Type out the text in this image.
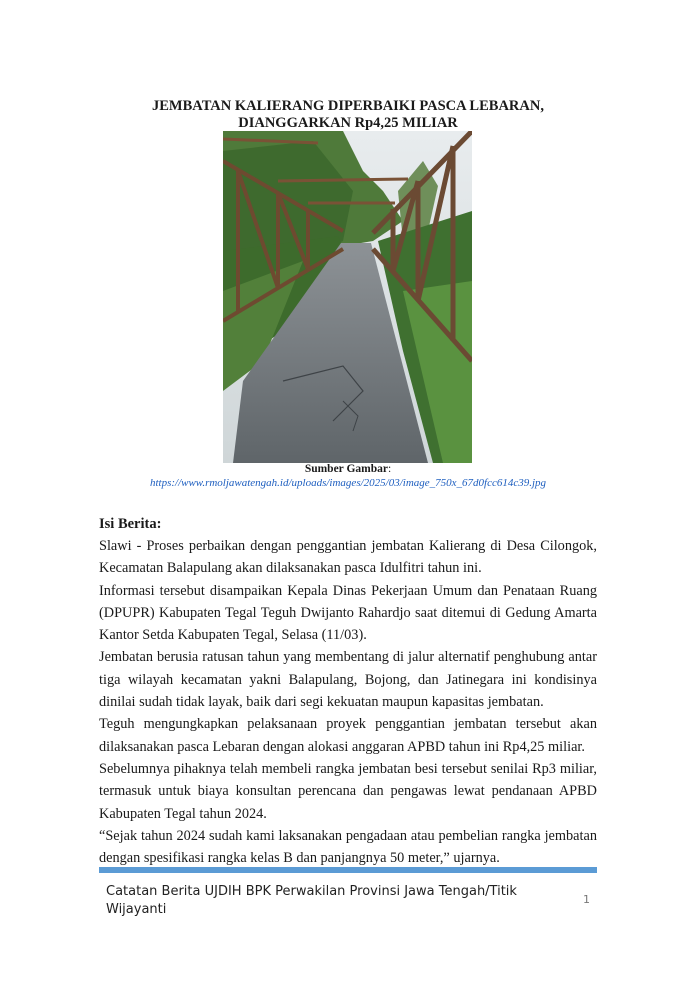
JEMBATAN KALIERANG DIPERBAIKI PASCA LEBARAN, DIANGGARKAN Rp4,25 MILIAR
Sumber Gambar:
https://www.rmoljawatengah.id/uploads/images/2025/03/image_750x_67d0fcc614c39.jpg
Isi Berita:

Slawi - Proses perbaikan dengan penggantian jembatan Kalierang di Desa Cilongok, Kecamatan Balapulang akan dilaksanakan pasca Idulfitri tahun ini.

Informasi tersebut disampaikan Kepala Dinas Pekerjaan Umum dan Penataan Ruang (DPUPR) Kabupaten Tegal Teguh Dwijanto Rahardjo saat ditemui di Gedung Amarta Kantor Setda Kabupaten Tegal, Selasa (11/03).

Jembatan berusia ratusan tahun yang membentang di jalur alternatif penghubung antar tiga wilayah kecamatan yakni Balapulang, Bojong, dan Jatinegara ini kondisinya dinilai sudah tidak layak, baik dari segi kekuatan maupun kapasitas jembatan.

Teguh mengungkapkan pelaksanaan proyek penggantian jembatan tersebut akan dilaksanakan pasca Lebaran dengan alokasi anggaran APBD tahun ini Rp4,25 miliar.

Sebelumnya pihaknya telah membeli rangka jembatan besi tersebut senilai Rp3 miliar, termasuk untuk biaya konsultan perencana dan pengawas lewat pendanaan APBD Kabupaten Tegal tahun 2024.

“Sejak tahun 2024 sudah kami laksanakan pengadaan atau pembelian rangka jembatan dengan spesifikasi rangka kelas B dan panjangnya 50 meter,” ujarnya.

Catatan Berita UJDIH BPK Perwakilan Provinsi Jawa Tengah/Titik Wijayanti
1
